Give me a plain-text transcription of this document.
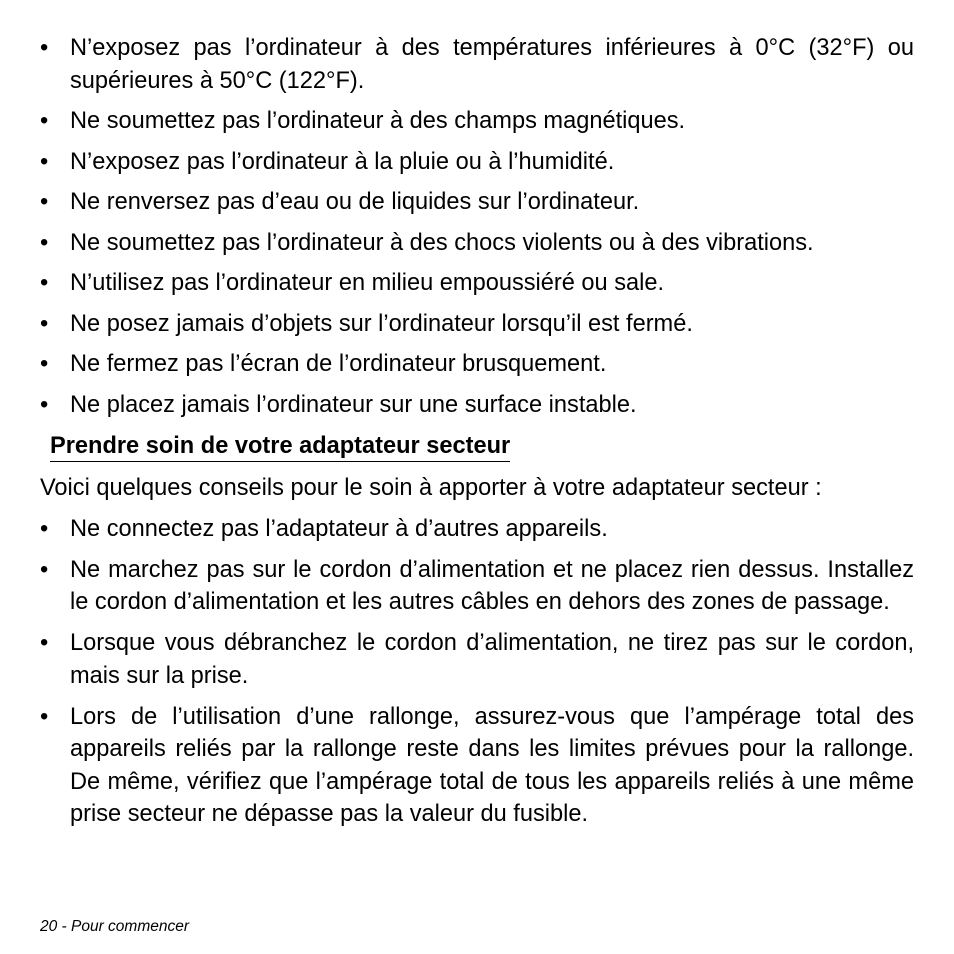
• N’exposez pas l’ordinateur à des températures inférieures à 0°C (32°F) ou supérieures à 50°C (122°F).
• Ne soumettez pas l’ordinateur à des champs magnétiques.
• N’exposez pas l’ordinateur à la pluie ou à l’humidité.
• Ne renversez pas d’eau ou de liquides sur l’ordinateur.
• Ne soumettez pas l’ordinateur à des chocs violents ou à des vibrations.
• N’utilisez pas l’ordinateur en milieu empoussiéré ou sale.
• Ne posez jamais d’objets sur l’ordinateur lorsqu’il est fermé.
• Ne fermez pas l’écran de l’ordinateur brusquement.
• Ne placez jamais l’ordinateur sur une surface instable.
Prendre soin de votre adaptateur secteur

Voici quelques conseils pour le soin à apporter à votre adaptateur secteur :

• Ne connectez pas l’adaptateur à d’autres appareils.
• Ne marchez pas sur le cordon d’alimentation et ne placez rien dessus. Installez le cordon d’alimentation et les autres câbles en dehors des zones de passage.
• Lorsque vous débranchez le cordon d’alimentation, ne tirez pas sur le cordon, mais sur la prise.
• Lors de l’utilisation d’une rallonge, assurez-vous que l’ampérage total des appareils reliés par la rallonge reste dans les limites prévues pour la rallonge. De même, vérifiez que l’ampérage total de tous les appareils reliés à une même prise secteur ne dépasse pas la valeur du fusible.
20 - Pour commencer
